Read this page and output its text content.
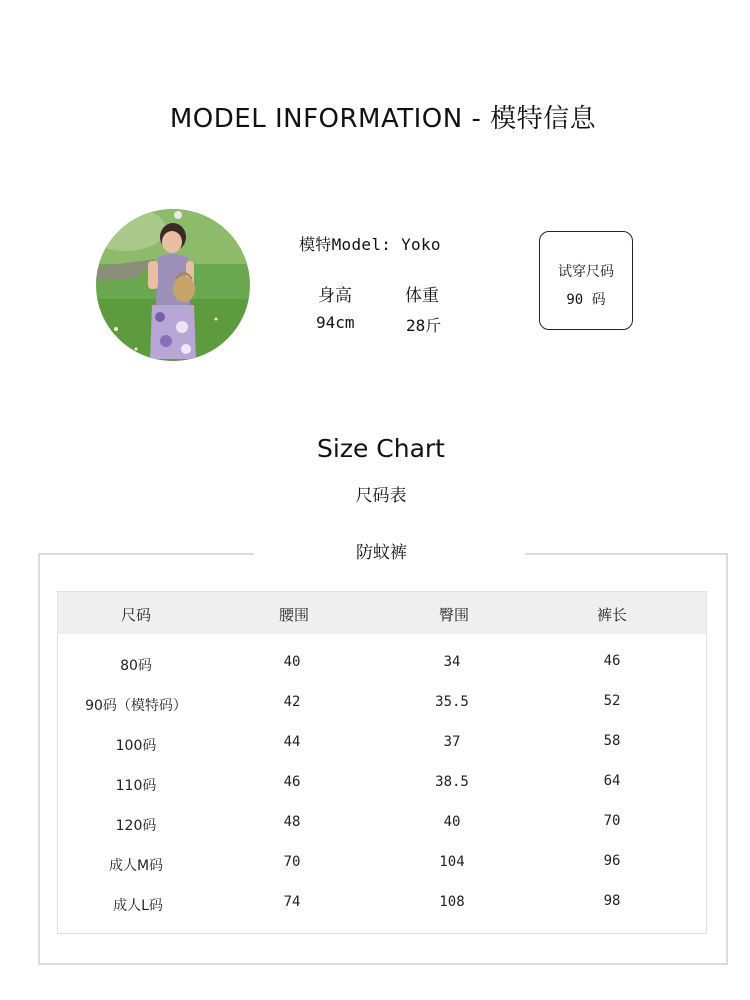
MODEL INFORMATION - 模特信息
模特Model: Yoko
身高	体重
94cm	28斤
试穿尺码
90 码
Size Chart
尺码表
防蚊裤
尺码	腰围	臀围	裤长
80码	40	34	46
90码（模特码）	42	35.5	52
100码	44	37	58
110码	46	38.5	64
120码	48	40	70
成人M码	70	104	96
成人L码	74	108	98
